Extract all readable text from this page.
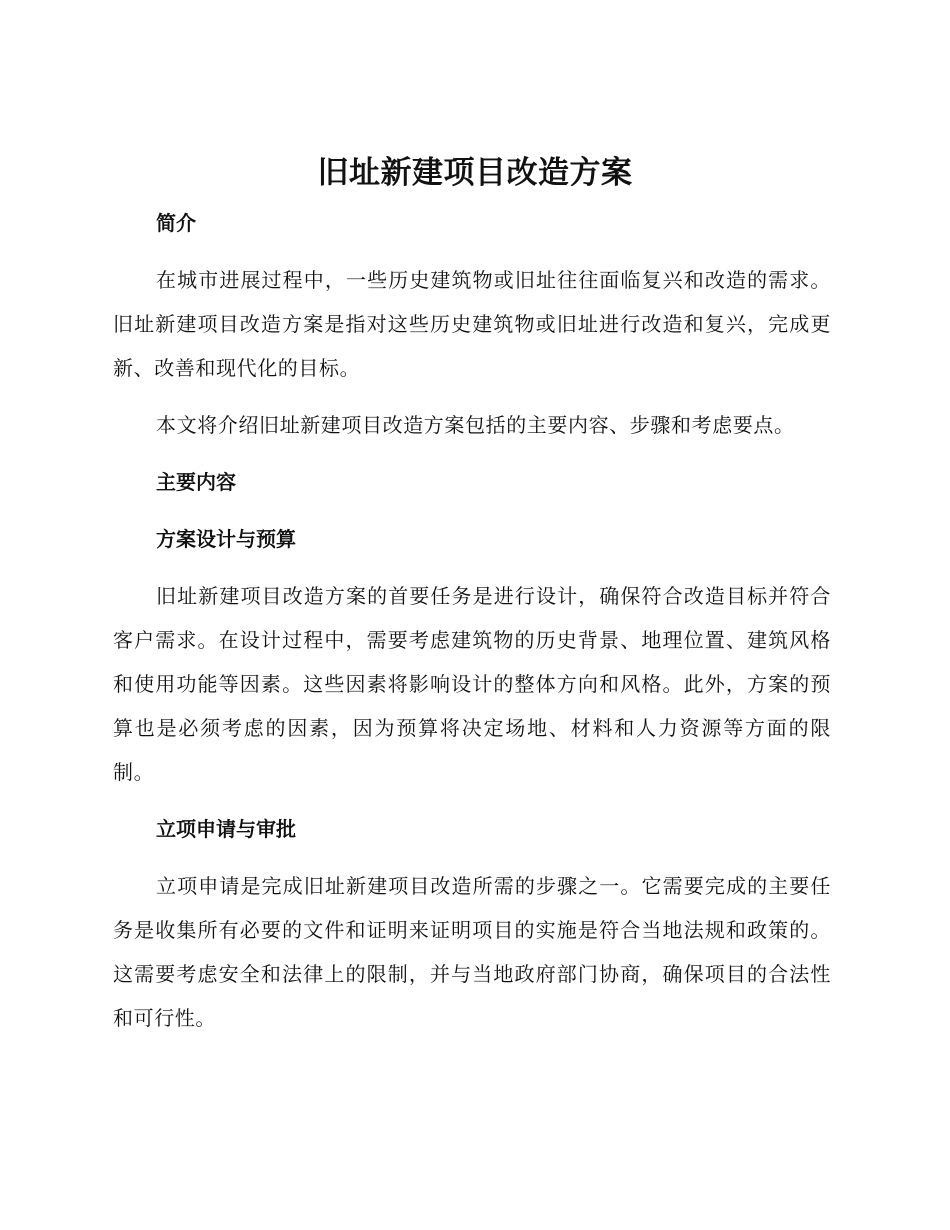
旧址新建项目改造方案
简介

在城市进展过程中，一些历史建筑物或旧址往往面临复兴和改造的需求。旧址新建项目改造方案是指对这些历史建筑物或旧址进行改造和复兴，完成更新、改善和现代化的目标。

本文将介绍旧址新建项目改造方案包括的主要内容、步骤和考虑要点。

主要内容
方案设计与预算

旧址新建项目改造方案的首要任务是进行设计，确保符合改造目标并符合客户需求。在设计过程中，需要考虑建筑物的历史背景、地理位置、建筑风格和使用功能等因素。这些因素将影响设计的整体方向和风格。此外，方案的预算也是必须考虑的因素，因为预算将决定场地、材料和人力资源等方面的限制。

立项申请与审批

立项申请是完成旧址新建项目改造所需的步骤之一。它需要完成的主要任务是收集所有必要的文件和证明来证明项目的实施是符合当地法规和政策的。这需要考虑安全和法律上的限制，并与当地政府部门协商，确保项目的合法性和可行性。
